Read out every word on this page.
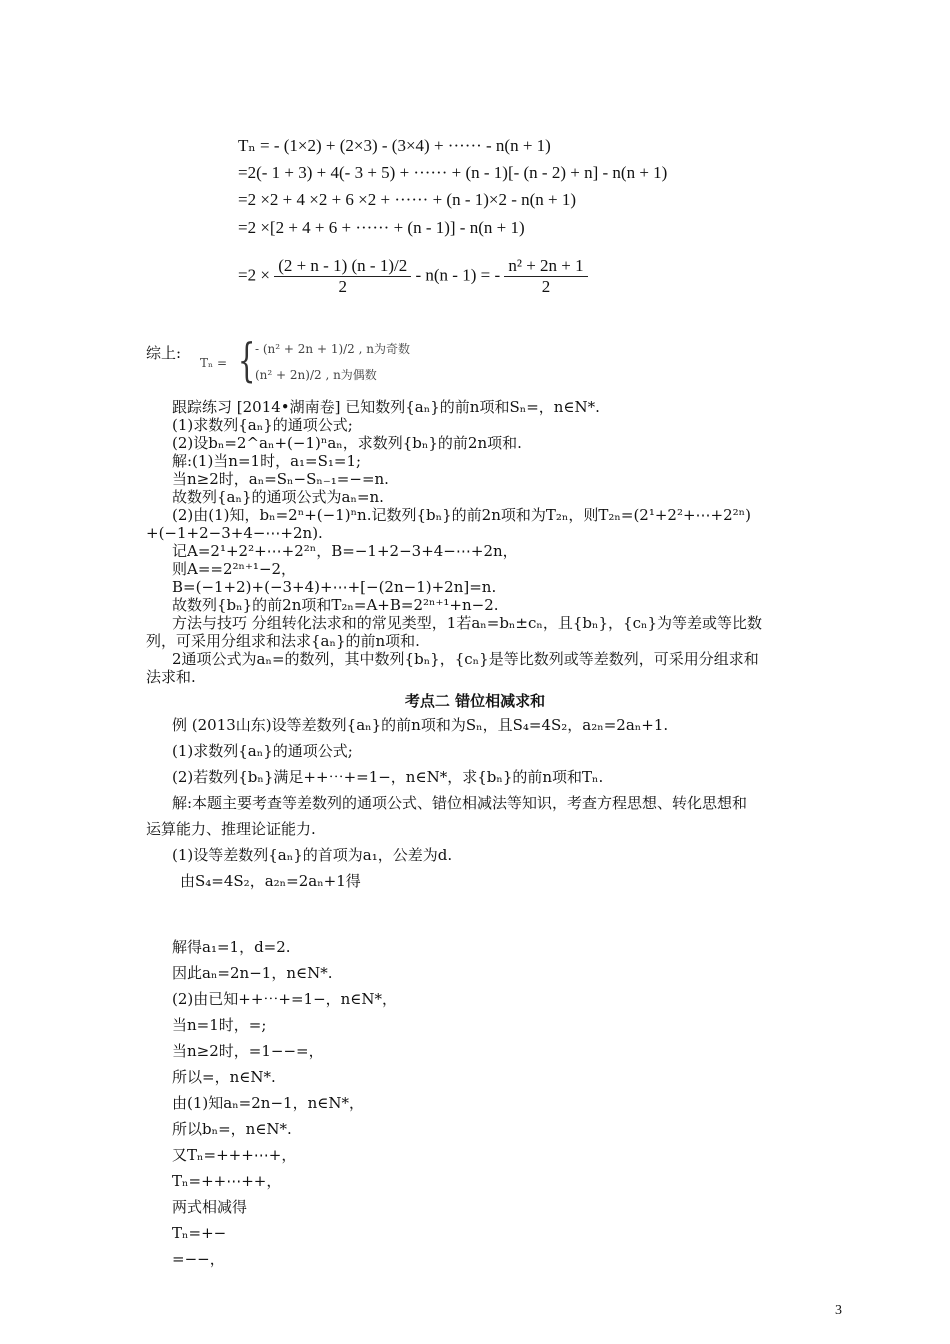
Tₙ = - (1×2) + (2×3) - (3×4) + ······ - n(n + 1)
=2(- 1 + 3) + 4(- 3 + 5) + ······ + (n - 1)[- (n - 2) + n] - n(n + 1)
=2 ×2 + 4 ×2 + 6 ×2 + ······ + (n - 1)×2 - n(n + 1)
=2 ×[2 + 4 + 6 + ······ + (n - 1)] - n(n + 1)
$=2 \times \frac{(2 + n - 1) (n - 1)/2}{2} - n(n - 1)$ = - $\frac{\text{n² + 2n + 1}}{2}$
综上:
Tₙ = { - (n² + 2n + 1)/2 , n为奇数
(n² + 2n)/2 , n为偶数
跟踪练习 [2014•湖南卷] 已知数列{aₙ}的前n项和Sₙ=，n∈N*.
(1)求数列{aₙ}的通项公式;
(2)设bₙ=2^aₙ+(−1)ⁿaₙ，求数列{bₙ}的前2n项和.
解:(1)当n=1时，a₁=S₁=1;
当n≥2时，aₙ=Sₙ−Sₙ₋₁=−=n.
故数列{aₙ}的通项公式为aₙ=n.
(2)由(1)知，bₙ=2ⁿ+(−1)ⁿn.记数列{bₙ}的前2n项和为T₂ₙ，则T₂ₙ=(2¹+2²+⋯+2²ⁿ)
+(−1+2−3+4−⋯+2n).
记A=2¹+2²+⋯+2²ⁿ，B=−1+2−3+4−⋯+2n，
则A==2²ⁿ⁺¹−2，
B=(−1+2)+(−3+4)+⋯+[−(2n−1)+2n]=n.
故数列{bₙ}的前2n项和T₂ₙ=A+B=2²ⁿ⁺¹+n−2.
方法与技巧 分组转化法求和的常见类型，1若aₙ=bₙ±cₙ，且{bₙ}，{cₙ}为等差或等比数
列，可采用分组求和法求{aₙ}的前n项和.
2通项公式为aₙ=的数列，其中数列{bₙ}，{cₙ}是等比数列或等差数列，可采用分组求和
法求和.
考点二 错位相减求和
例 (2013山东)设等差数列{aₙ}的前n项和为Sₙ，且S₄=4S₂，a₂ₙ=2aₙ+1.
(1)求数列{aₙ}的通项公式;
(2)若数列{bₙ}满足++⋯+=1−，n∈N*，求{bₙ}的前n项和Tₙ.
解:本题主要考查等差数列的通项公式、错位相减法等知识，考查方程思想、转化思想和
运算能力、推理论证能力.
(1)设等差数列{aₙ}的首项为a₁，公差为d.
由S₄=4S₂，a₂ₙ=2aₙ+1得
解得a₁=1，d=2.
因此aₙ=2n−1，n∈N*.
(2)由已知++⋯+=1−，n∈N*，
当n=1时，=;
当n≥2时，=1−−=，
所以=，n∈N*.
由(1)知aₙ=2n−1，n∈N*，
所以bₙ=，n∈N*.
又Tₙ=+++⋯+，
Tₙ=++⋯++，
两式相减得
Tₙ=+−
=−−，
3
